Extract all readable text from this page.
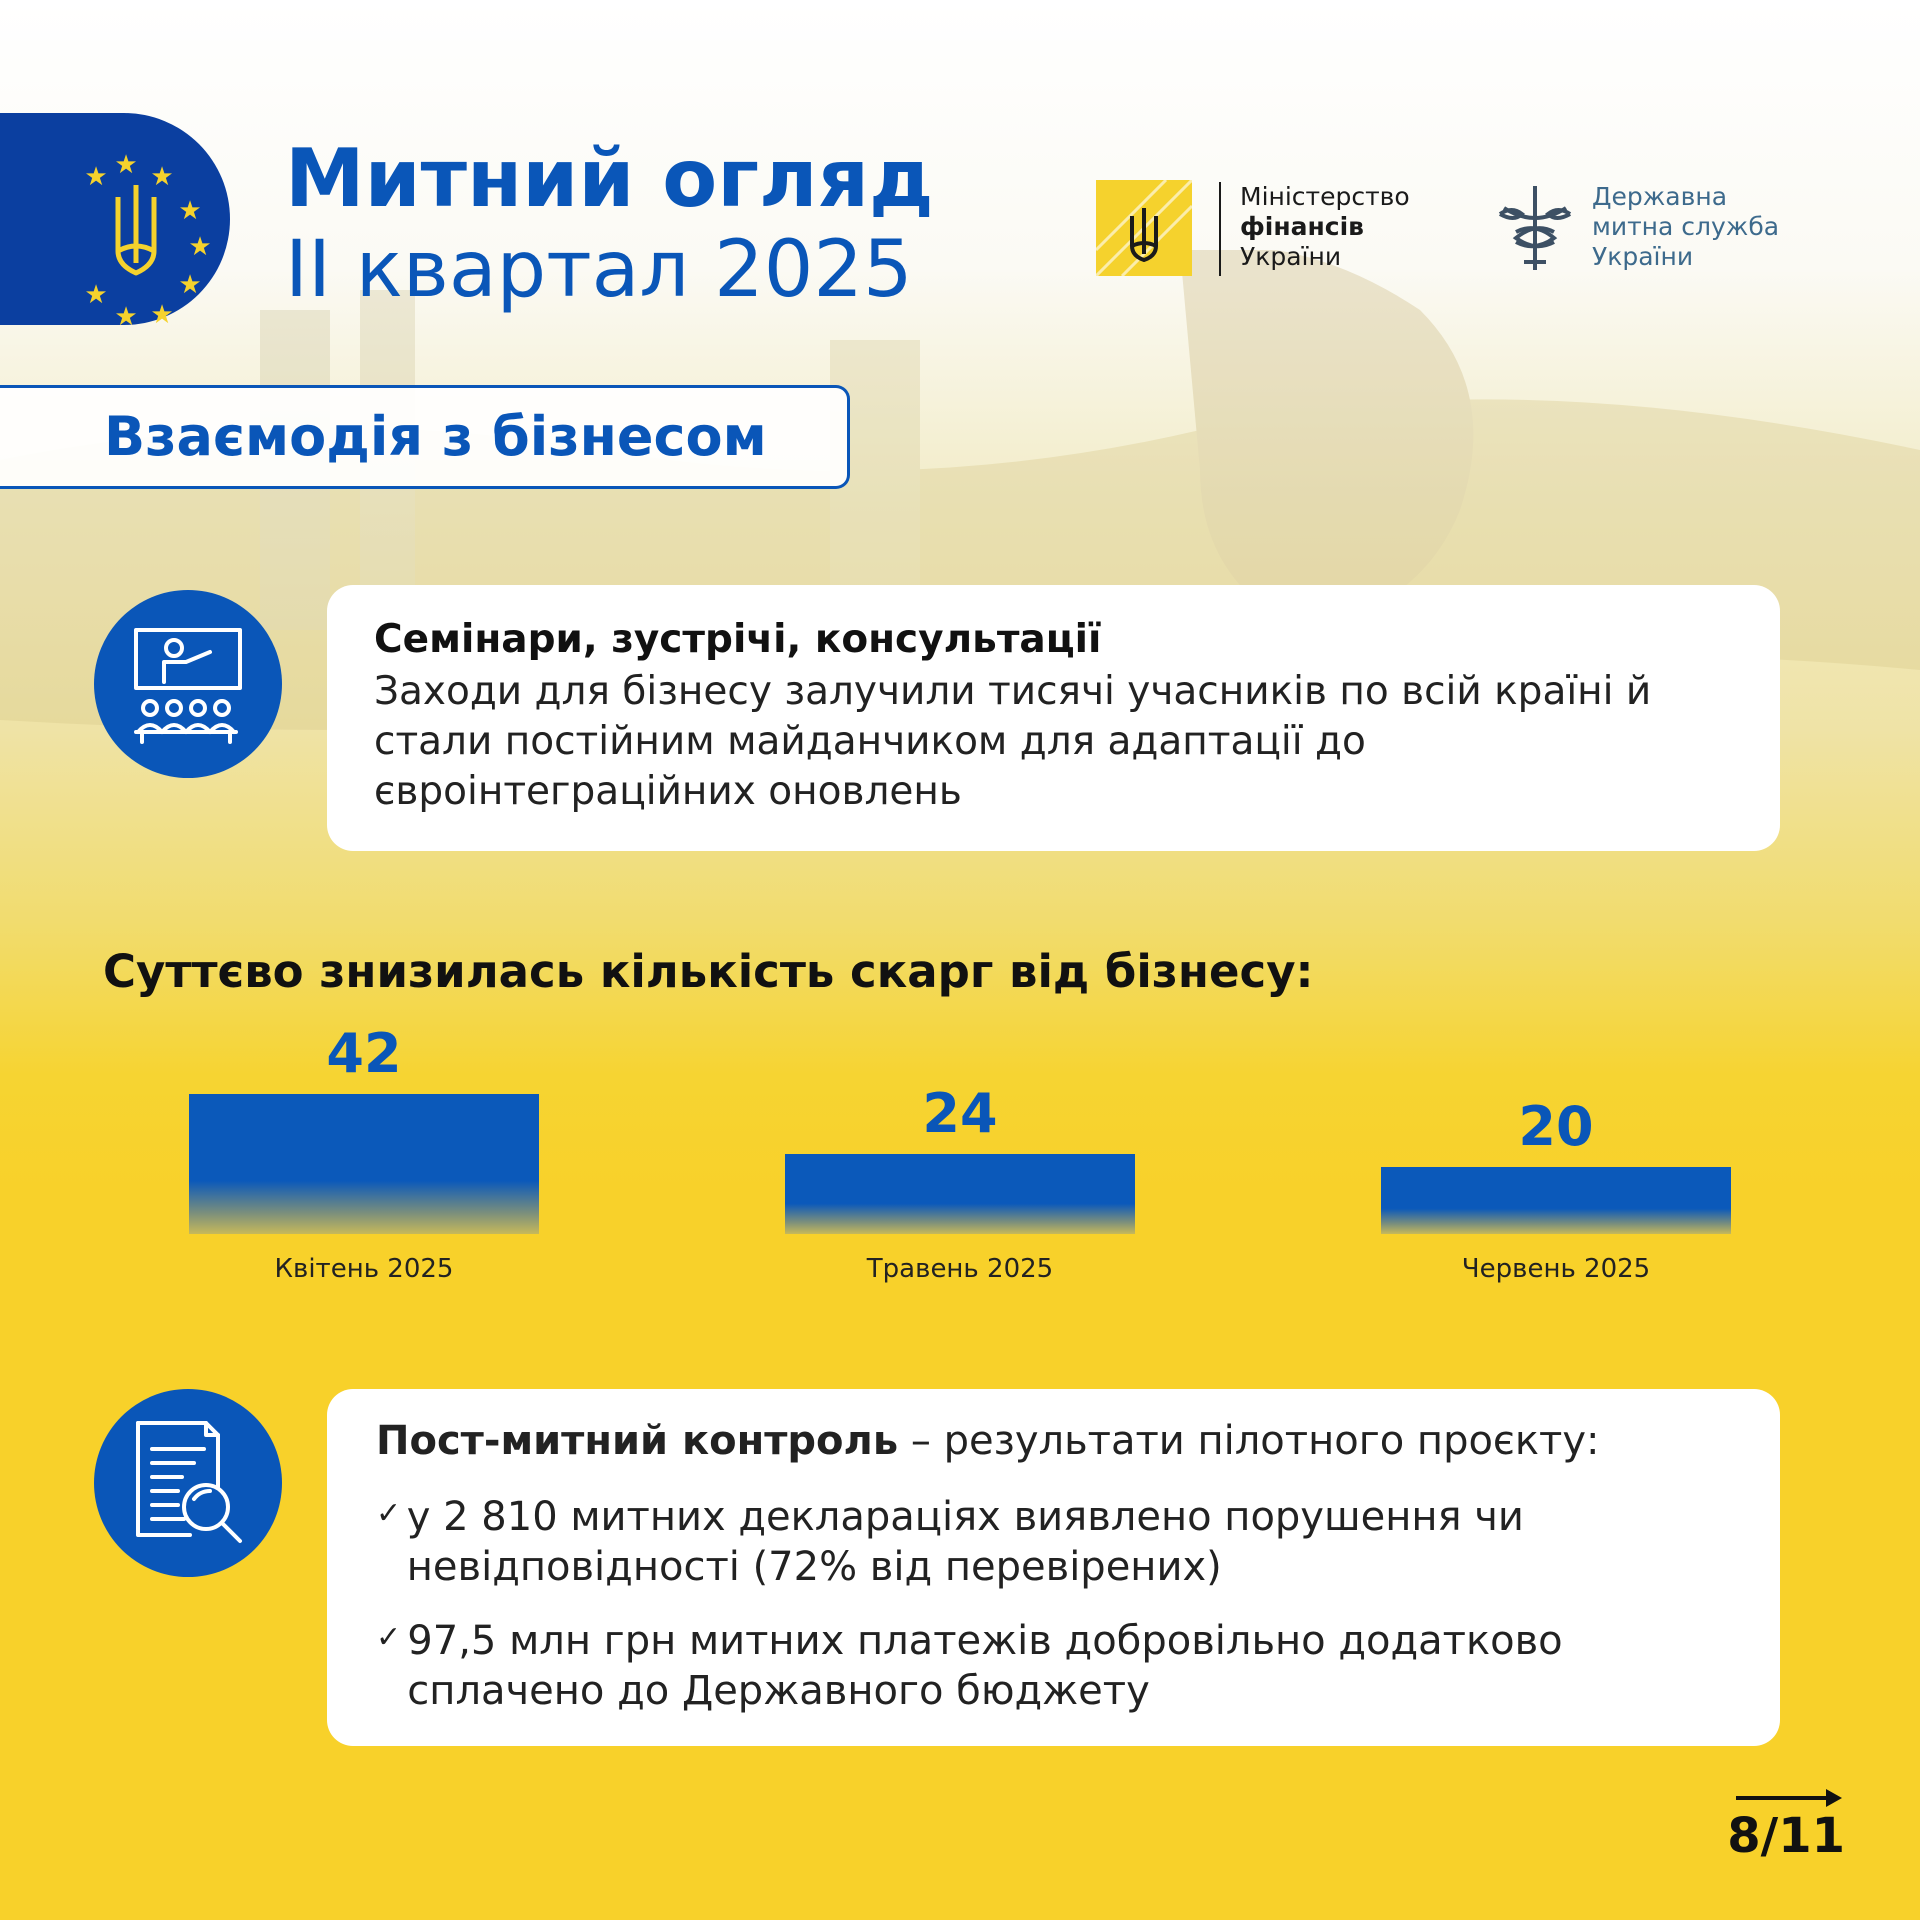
★ ★
★
★
★
★
★
★
★ Митний огляд
ІІ квартал 2025
Міністерство
фінансів
України
Державна
митна служба
України
Взаємодія з бізнесом
Семінари, зустрічі, консультації
Заходи для бізнесу залучили тисячі учасників по всій країні й стали постійним майданчиком для адаптації до євроінтеграційних оновлень
Суттєво знизилась кількість скарг від бізнесу:
42
Квітень 2025
24
Травень 2025
20
Червень 2025
Пост-митний контроль – результати пілотного проєкту:
✓ у 2 810 митних деклараціях виявлено порушення чи невідповідності (72% від перевірених)
✓ 97,5 млн грн митних платежів добровільно додатково сплачено до Державного бюджету
8/11
